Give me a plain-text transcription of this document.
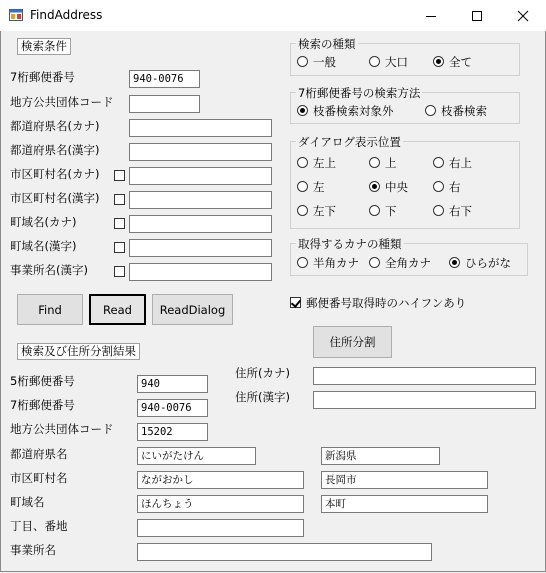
FindAddress
検索条件
7桁郵便番号	940-0076
地方公共団体コード
都道府県名(カナ)
都道府県名(漢字)
市区町村名(カナ)
市区町村名(漢字)
町域名(カナ)
町域名(漢字)
事業所名(漢字)
検索の種類
一般	大口	全て
7桁郵便番号の検索方法
枝番検索対象外	枝番検索
ダイアログ表示位置
左上	上	右上
左	中央	右
左下	下	右下
取得するカナの種類
半角カナ 全角カナ	ひらがな
Find	Read	ReadDialog	郵便番号取得時のハイフンあり
住所分割
検索及び住所分割結果
5桁郵便番号	940
7桁郵便番号	940-0076
地方公共団体コード	15202
住所(カナ)
住所(漢字)
都道府県名	にいがたけん	新潟県
市区町村名	ながおかし	長岡市
町域名	ほんちょう	本町
丁目、番地
事業所名
